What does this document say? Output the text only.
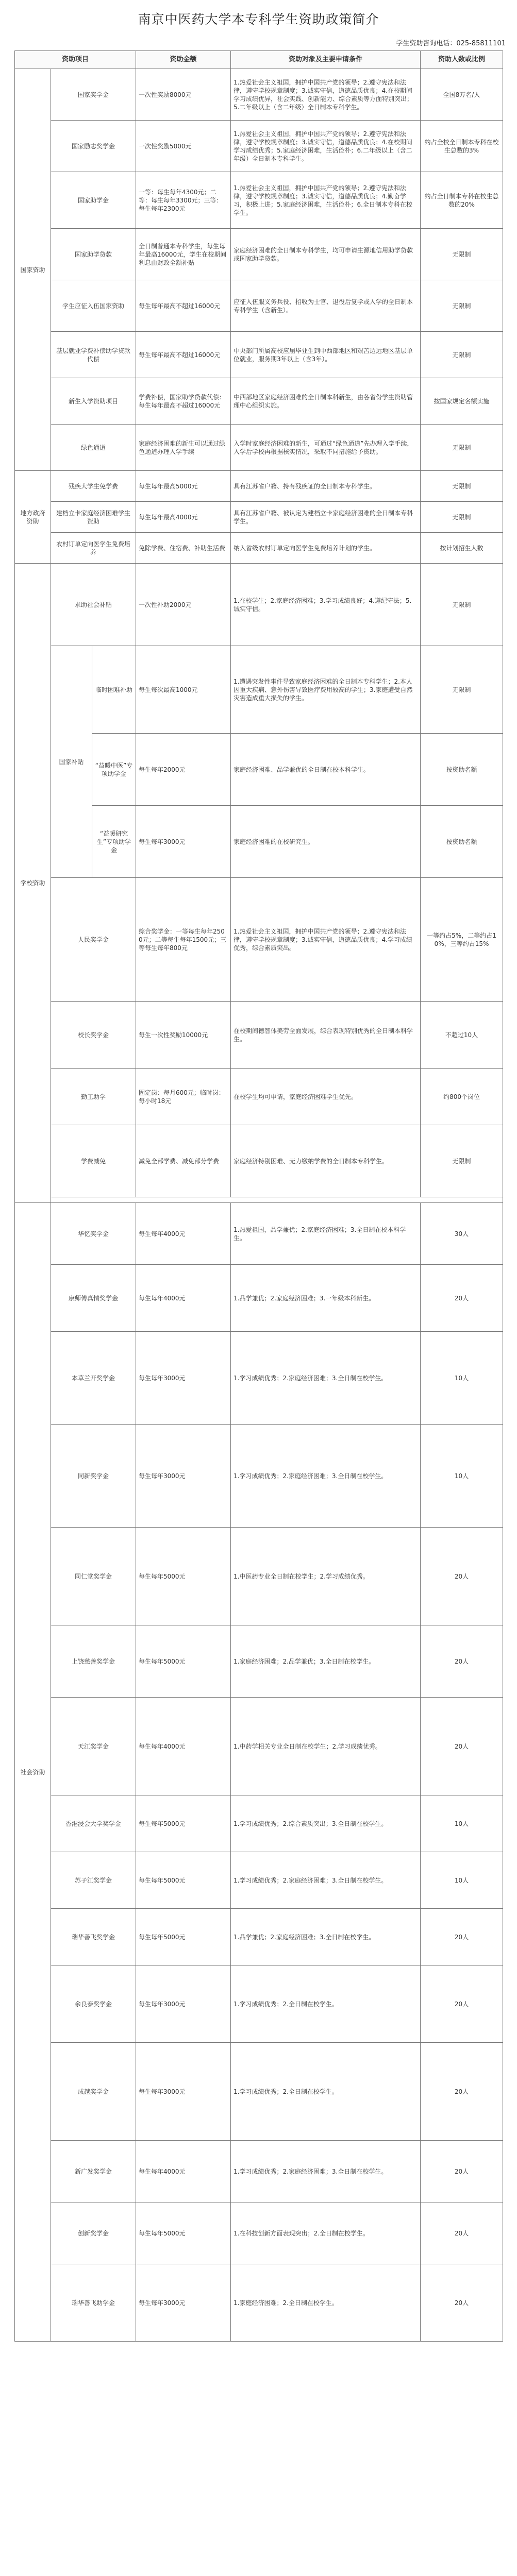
南京中医药大学本专科学生资助政策简介
学生资助咨询电话：025-85811101
资助项目			资助金额	资助对象及主要申请条件	资助人数或比例
国家资助	国家奖学金		一次性奖励8000元	1.热爱社会主义祖国，拥护中国共产党的领导；2.遵守宪法和法律，遵守学校规章制度；3.诚实守信，道德品质优良；4.在校期间学习成绩优异，社会实践、创新能力、综合素质等方面特别突出；5.二年级以上（含二年级）全日制本专科学生。	全国8万名/人
	国家励志奖学金		一次性奖励5000元	1.热爱社会主义祖国，拥护中国共产党的领导；2.遵守宪法和法律，遵守学校规章制度；3.诚实守信，道德品质优良；4.在校期间学习成绩优秀；5.家庭经济困难，生活俭朴；6.二年级以上（含二年级）全日制本专科学生。	约占全校全日制本专科在校生总数的3%
	国家助学金		一等：每生每年4300元；二等：每生每年3300元；三等：每生每年2300元	1.热爱社会主义祖国，拥护中国共产党的领导；2.遵守宪法和法律，遵守学校规章制度；3.诚实守信，道德品质优良；4.勤奋学习，积极上进；5.家庭经济困难，生活俭朴；6.全日制本专科在校学生。	约占全日制本专科在校生总数的20%
	国家助学贷款		全日制普通本专科学生，每生每年最高16000元，学生在校期间利息由财政全额补贴	家庭经济困难的全日制本专科学生，均可申请生源地信用助学贷款或国家助学贷款。	无限制
	学生应征入伍国家资助		每生每年最高不超过16000元	应征入伍服义务兵役、招收为士官、退役后复学或入学的全日制本专科学生（含新生）。	无限制
	基层就业学费补偿助学贷款代偿		每生每年最高不超过16000元	中央部门所属高校应届毕业生到中西部地区和艰苦边远地区基层单位就业，服务期3年以上（含3年）。	无限制
	新生入学资助项目		学费补偿，国家助学贷款代偿：每生每年最高不超过16000元	中西部地区家庭经济困难的全日制本科新生，由各省份学生资助管理中心组织实施。	按国家规定名额实施
	绿色通道		家庭经济困难的新生可以通过绿色通道办理入学手续	入学时家庭经济困难的新生，可通过“绿色通道”先办理入学手续，入学后学校再根据核实情况，采取不同措施给予资助。	无限制
地方政府资助	残疾大学生免学费		每生每年最高5000元	具有江苏省户籍、持有残疾证的全日制本专科学生。	无限制
	建档立卡家庭经济困难学生资助		每生每年最高4000元	具有江苏省户籍、被认定为建档立卡家庭经济困难的全日制本专科学生。	无限制
	农村订单定向医学生免费培养		免除学费、住宿费、补助生活费	纳入省级农村订单定向医学生免费培养计划的学生。	按计划招生人数
学校资助	求助社会补贴		一次性补助2000元	1.在校学生；2.家庭经济困难；3.学习成绩良好；4.遵纪守法；5.诚实守信。	无限制
	国家补贴	临时困难补助	每生每次最高1000元	1.遭遇突发性事件导致家庭经济困难的全日制本专科学生；2.本人因重大疾病、意外伤害导致医疗费用较高的学生；3.家庭遭受自然灾害造成重大损失的学生。	无限制
		“益暖中医”专项助学金	每生每年2000元	家庭经济困难、品学兼优的全日制在校本科学生。	按资助名额
		“益暖研究生”专项助学金	每生每年3000元	家庭经济困难的在校研究生。	按资助名额
	人民奖学金		综合奖学金：一等每生每年2500元；二等每生每年1500元；三等每生每年800元	1.热爱社会主义祖国，拥护中国共产党的领导；2.遵守宪法和法律，遵守学校规章制度；3.诚实守信，道德品质优良；4.学习成绩优秀，综合素质突出。	一等约占5%，二等约占10%，三等约占15%
	校长奖学金		每生一次性奖励10000元	在校期间德智体美劳全面发展，综合表现特别优秀的全日制本科学生。	不超过10人
	勤工助学		固定岗：每月600元；临时岗：每小时18元	在校学生均可申请，家庭经济困难学生优先。	约800个岗位
	学费减免		减免全部学费、减免部分学费	家庭经济特别困难、无力缴纳学费的全日制本专科学生。	无限制

社会资助	华忆奖学金		每生每年4000元	1.热爱祖国，品学兼优；2.家庭经济困难；3.全日制在校本科学生。	30人
	康师傅真情奖学金		每生每年4000元	1.品学兼优；2.家庭经济困难；3.一年级本科新生。	20人
	本草兰开奖学金		每生每年3000元	1.学习成绩优秀；2.家庭经济困难；3.全日制在校学生。	10人
	同新奖学金		每生每年3000元	1.学习成绩优秀；2.家庭经济困难；3.全日制在校学生。	10人
	同仁堂奖学金		每生每年5000元	1.中医药专业全日制在校学生；2.学习成绩优秀。	20人
	上饶慈善奖学金		每生每年5000元	1.家庭经济困难；2.品学兼优；3.全日制在校学生。	20人
	天江奖学金		每生每年4000元	1.中药学相关专业全日制在校学生；2.学习成绩优秀。	20人
	香港浸会大学奖学金		每生每年5000元	1.学习成绩优秀；2.综合素质突出；3.全日制在校学生。	10人
	苏子江奖学金		每生每年5000元	1.学习成绩优秀；2.家庭经济困难；3.全日制在校学生。	10人
	瑞华善飞奖学金		每生每年5000元	1.品学兼优；2.家庭经济困难；3.全日制在校学生。	20人
	余良泰奖学金		每生每年3000元	1.学习成绩优秀；2.全日制在校学生。	20人
	成越奖学金		每生每年3000元	1.学习成绩优秀；2.全日制在校学生。	20人
	新广发奖学金		每生每年4000元	1.学习成绩优秀；2.家庭经济困难；3.全日制在校学生。	20人
	创新奖学金		每生每年5000元	1.在科技创新方面表现突出；2.全日制在校学生。	20人
	瑞华善飞助学金		每生每年3000元	1.家庭经济困难；2.全日制在校学生。	20人
